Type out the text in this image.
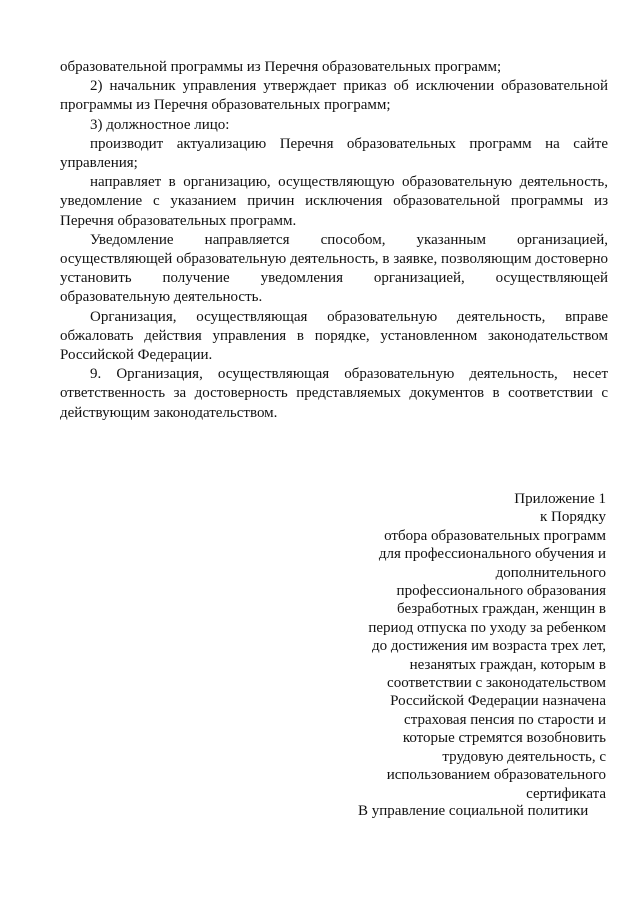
образовательной программы из Перечня образовательных программ;

2) начальник управления утверждает приказ об исключении образовательной программы из Перечня образовательных программ;

3) должностное лицо:

производит актуализацию Перечня образовательных программ на сайте управления;

направляет в организацию, осуществляющую образовательную деятельность, уведомление с указанием причин исключения образовательной программы из Перечня образовательных программ.

Уведомление направляется способом, указанным организацией, осуществляющей образовательную деятельность, в заявке, позволяющим достоверно установить получение уведомления организацией, осуществляющей образовательную деятельность.

Организация, осуществляющая образовательную деятельность, вправе обжаловать действия управления в порядке, установленном законодательством Российской Федерации.

9. Организация, осуществляющая образовательную деятельность, несет ответственность за достоверность представляемых документов в соответствии с действующим законодательством.

Приложение 1
к Порядку
отбора образовательных программ
для профессионального обучения и
дополнительного
профессионального образования
безработных граждан, женщин в
период отпуска по уходу за ребенком
до достижения им возраста трех лет,
незанятых граждан, которым в
соответствии с законодательством
Российской Федерации назначена
страховая пенсия по старости и
которые стремятся возобновить
трудовую деятельность, с
использованием образовательного
сертификата
В управление социальной политики
